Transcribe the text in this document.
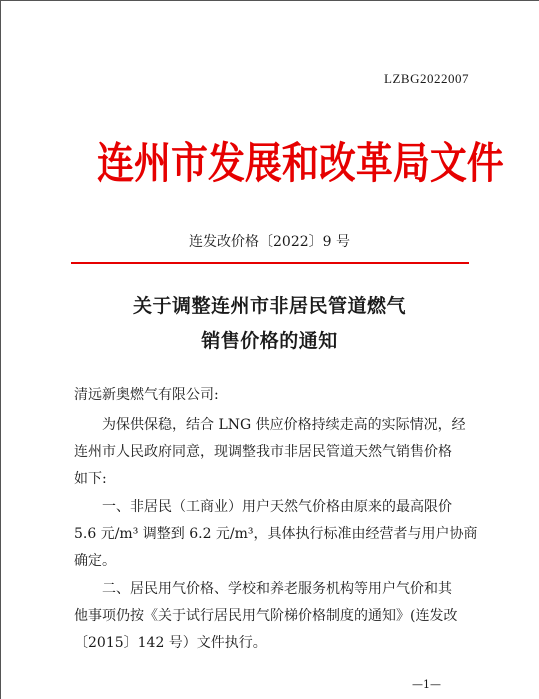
LZBG2022007
连州市发展和改革局文件
连发改价格〔2022〕9 号
关于调整连州市非居民管道燃气
销售价格的通知
清远新奥燃气有限公司:
为保供保稳，结合 LNG 供应价格持续走高的实际情况，经
连州市人民政府同意，现调整我市非居民管道天然气销售价格
如下:
一、非居民（工商业）用户天然气价格由原来的最高限价
5.6 元/m³ 调整到 6.2 元/m³，具体执行标准由经营者与用户协商
确定。
二、居民用气价格、学校和养老服务机构等用户气价和其
他事项仍按《关于试行居民用气阶梯价格制度的通知》(连发改
〔2015〕142 号）文件执行。
—1—
